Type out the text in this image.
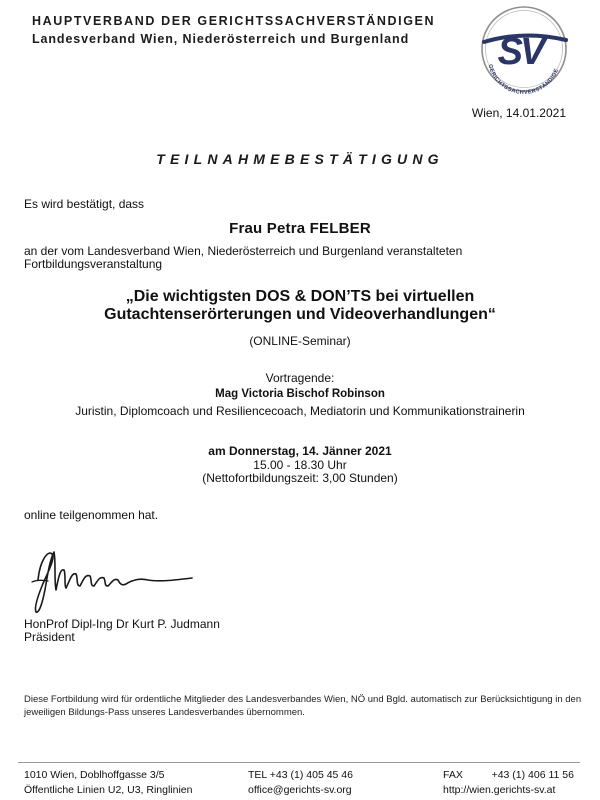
HAUPTVERBAND DER GERICHTSSACHVERSTÄNDIGEN
Landesverband Wien, Niederösterreich und Burgenland SV
GERICHTSSACHVERSTÄNDIGE
Wien, 14.01.2021
TEILNAHMEBESTÄTIGUNG
Es wird bestätigt, dass
Frau Petra FELBER
an der vom Landesverband Wien, Niederösterreich und Burgenland veranstalteten Fortbildungsveranstaltung
„Die wichtigsten DOS & DON’TS bei virtuellen
Gutachtenserörterungen und Videoverhandlungen“
(ONLINE-Seminar)
Vortragende:
Mag Victoria Bischof Robinson
Juristin, Diplomcoach und Resiliencecoach, Mediatorin und Kommunikationstrainerin
am Donnerstag, 14. Jänner 2021
15.00 - 18.30 Uhr
(Nettofortbildungszeit: 3,00 Stunden)
online teilgenommen hat.
HonProf Dipl-Ing Dr Kurt P. Judmann
Präsident
Diese Fortbildung wird für ordentliche Mitglieder des Landesverbandes Wien, NÖ und Bgld. automatisch zur Berücksichtigung in den jeweiligen Bildungs-Pass unseres Landesverbandes übernommen.
1010 Wien, Doblhoffgasse 3/5
Öffentliche Linien U2, U3, Ringlinien
TEL +43 (1) 405 45 46
office@gerichts-sv.org
FAX	+43 (1) 406 11 56
http://wien.gerichts-sv.at
